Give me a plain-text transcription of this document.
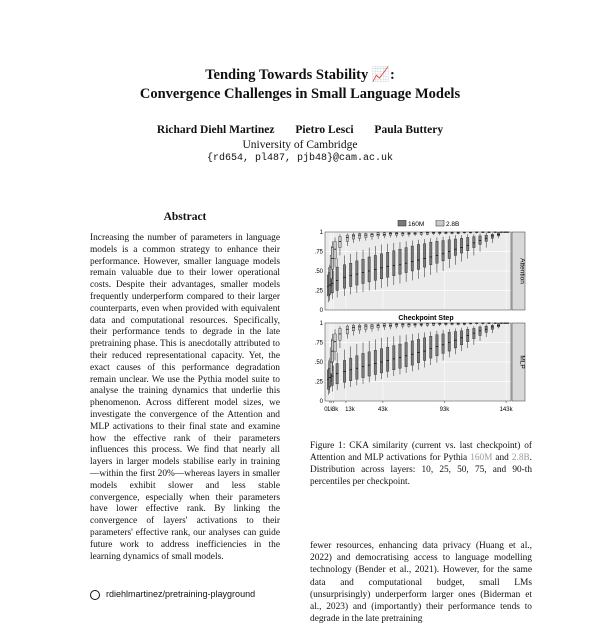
Tending Towards Stability 📈:
Convergence Challenges in Small Language Models
Richard Diehl Martinez Pietro Lesci Paula Buttery
University of Cambridge
{rd654, pl487, pjb48}@cam.ac.uk
Abstract
Increasing the number of parameters in language models is a common strategy to enhance their performance. However, smaller language models remain valuable due to their lower operational costs. Despite their advantages, smaller models frequently underperform compared to their larger counterparts, even when provided with equivalent data and computational resources. Specifically, their performance tends to degrade in the late pretraining phase. This is anecdotally attributed to their reduced representational capacity. Yet, the exact causes of this performance degradation remain unclear. We use the Pythia model suite to analyse the training dynamics that underlie this phenomenon. Across different model sizes, we investigate the convergence of the Attention and MLP activations to their final state and examine how the effective rank of their parameters influences this process. We find that nearly all layers in larger models stabilise early in training—within the first 20%—whereas layers in smaller models exhibit slower and less stable convergence, especially when their parameters have lower effective rank. By linking the convergence of layers' activations to their parameters' effective rank, our analyses can guide future work to address inefficiencies in the learning dynamics of small models.
rdiehlmartinez/pretraining-playground
160M	2.8B
0
.25
.50
.75
1
Attention
Checkpoint Step
0
.25
.50
.75
1
MLP
0 1k
3k 13k	43k	93k	143k
Figure 1: CKA similarity (current vs. last checkpoint) of Attention and MLP activations for Pythia 160M and 2.8B. Distribution across layers: 10, 25, 50, 75, and 90-th percentiles per checkpoint.
fewer resources, enhancing data privacy (Huang et al., 2022) and democratising access to language modelling technology (Bender et al., 2021). However, for the same data and computational budget, small LMs (unsurprisingly) underperform larger ones (Biderman et al., 2023) and (importantly) their performance tends to degrade in the late pretraining
